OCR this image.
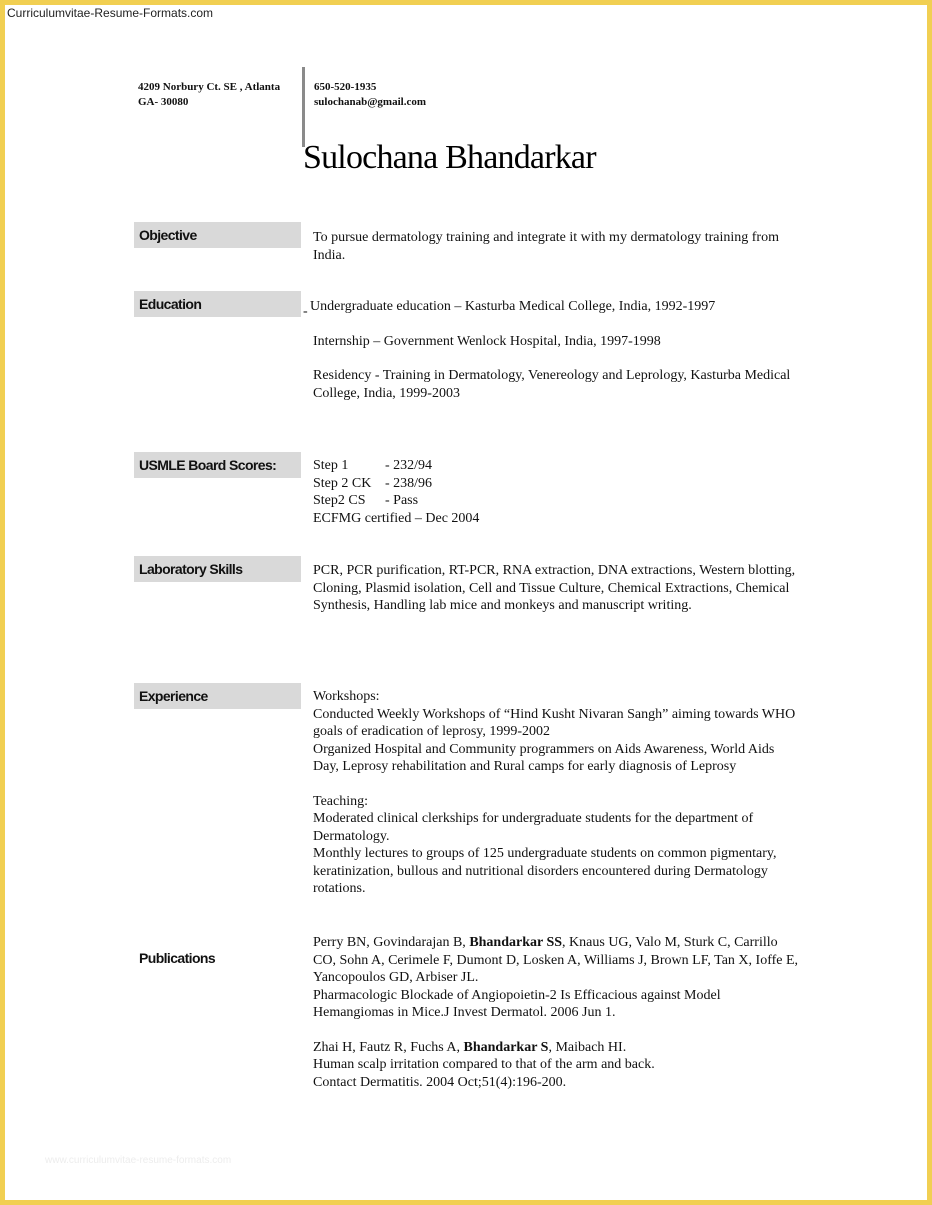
Curriculumvitae-Resume-Formats.com
4209 Norbury Ct. SE , Atlanta
GA- 30080
650-520-1935
sulochanab@gmail.com
Sulochana Bhandarkar
Objective	To pursue dermatology training and integrate it with my dermatology training from India.

Education	- Undergraduate education – Kasturba Medical College, India, 1992-1997

Internship – Government Wenlock Hospital, India, 1997-1998

Residency - Training in Dermatology, Venereology and Leprology, Kasturba Medical College, India, 1999-2003

USMLE Board Scores:	Step 1	- 232/94
Step 2 CK - 238/96
Step2 CS	- Pass

ECFMG certified – Dec 2004

Laboratory Skills	PCR, PCR purification, RT-PCR, RNA extraction, DNA extractions, Western blotting, Cloning, Plasmid isolation, Cell and Tissue Culture, Chemical Extractions, Chemical Synthesis, Handling lab mice and monkeys and manuscript writing.

Experience	Workshops:

Conducted Weekly Workshops of “Hind Kusht Nivaran Sangh” aiming towards WHO goals of eradication of leprosy, 1999-2002

Organized Hospital and Community programmers on Aids Awareness, World Aids Day, Leprosy rehabilitation and Rural camps for early diagnosis of Leprosy

Teaching:

Moderated clinical clerkships for undergraduate students for the department of Dermatology.

Monthly lectures to groups of 125 undergraduate students on common pigmentary, keratinization, bullous and nutritional disorders encountered during Dermatology rotations.

Publications

Perry BN, Govindarajan B, Bhandarkar SS, Knaus UG, Valo M, Sturk C, Carrillo CO, Sohn A, Cerimele F, Dumont D, Losken A, Williams J, Brown LF, Tan X, Ioffe E, Yancopoulos GD, Arbiser JL.

Pharmacologic Blockade of Angiopoietin-2 Is Efficacious against Model Hemangiomas in Mice.J Invest Dermatol. 2006 Jun 1.

Zhai H, Fautz R, Fuchs A, Bhandarkar S, Maibach HI.

Human scalp irritation compared to that of the arm and back.

Contact Dermatitis. 2004 Oct;51(4):196-200.

www.curriculumvitae-resume-formats.com
